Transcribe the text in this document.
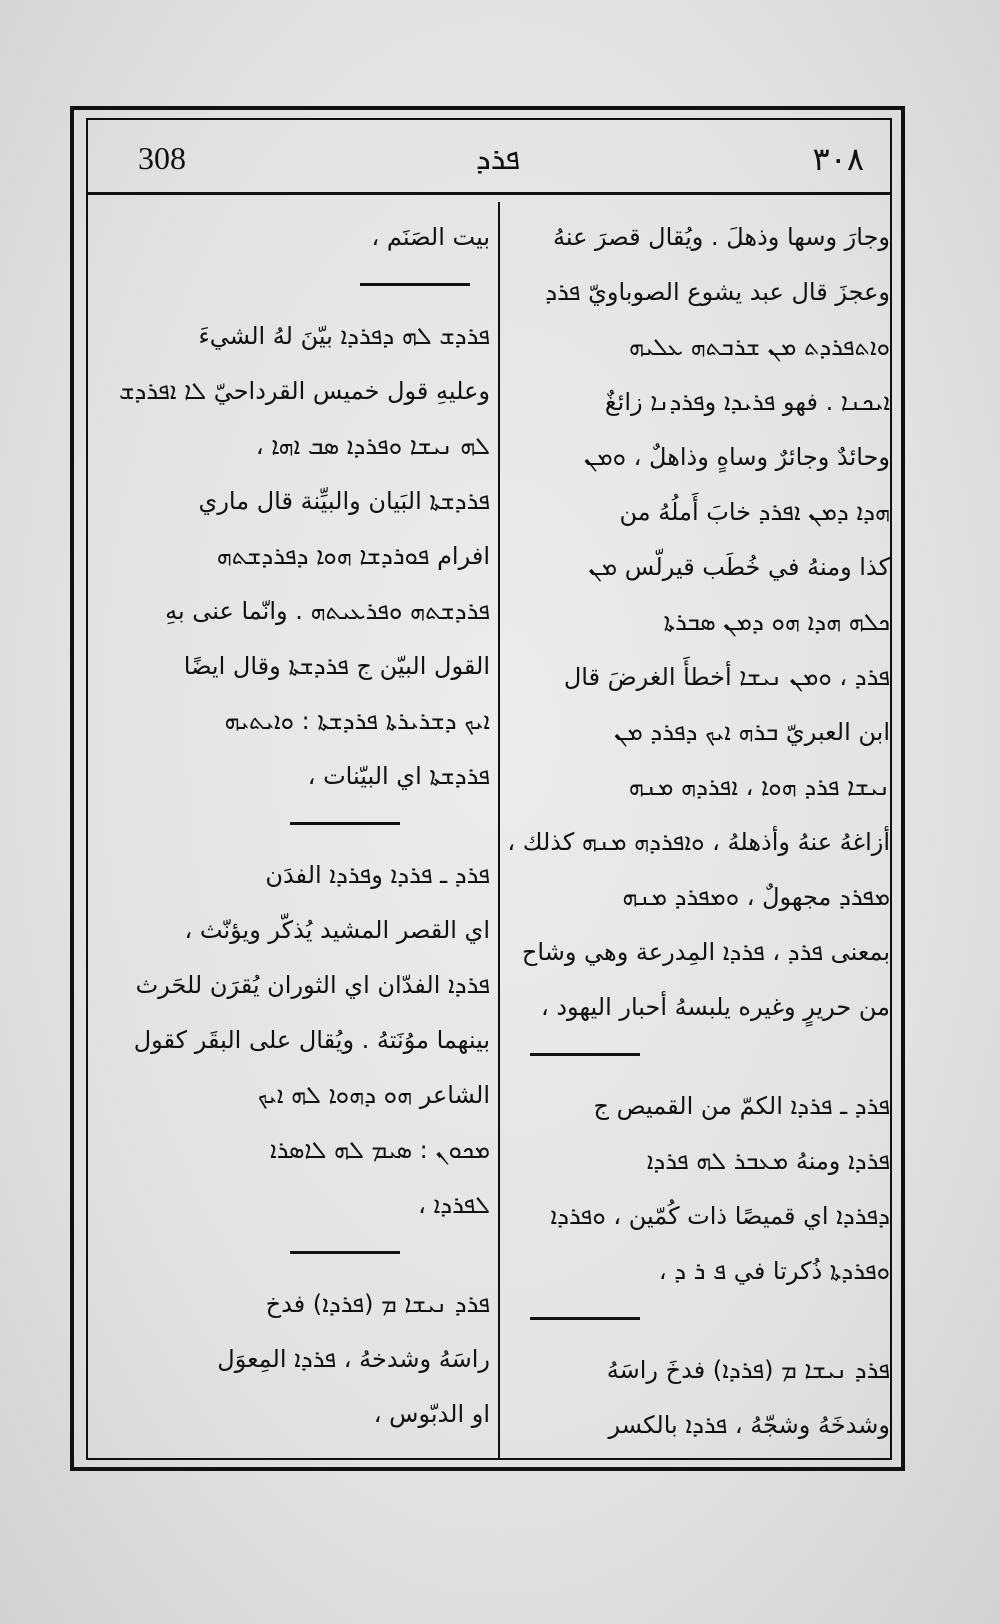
308	ܦܪܕ	٣٠٨
وجارَ وسها وذهلَ . ويُقال قصرَ عنهُ
وعجزَ قال عبد يشوع الصوباويّ ܦܪܕ
ܘܐܬܦܪܕܬ ܡܢ ܫܪܒܬܗ ܥܠܝܗ
ܐܝܟܢܐ . فهو ܦܪܝܕܐ وܦܪܕܢܐ زائغٌ
وحائدٌ وجائرٌ وساهٍ وذاهلٌ ، ܘܡܢ
ܗܕܐ ܕܡܢ ܐܦܪܕ خابَ أَملُهُ من
كذا ومنهُ في خُطَب قيرلّس ܡܢ
ܟܠܗ ܗܕܐ ܗܘ ܕܡܢ ܣܒܪܬܐ
ܦܪܕ ، ܘܡܢ ܢܝܫܐ أخطأَ الغرضَ قال
ابن العبريّ ܒܪܗ ܐܝܟ ܕܦܪܕ ܡܢ
ܢܝܫܐ ܦܪܕ ܗܘܐ ، ܐܦܪܕܗ ܡܢܗ
أزاغهُ عنهُ وأذهلهُ ، ܘܐܦܪܕܗ ܡܢܗ كذلك ،
ܡܦܪܕ مجهولٌ ، ܘܡܦܪܕ ܡܢܗ
بمعنى ܦܪܕ ، ܦܪܕܐ المِدرعة وهي وشاح
من حريرٍ وغيره يلبسهُ أحبار اليهود ،
ܦܪܕ ـ ܦܪܕܐ الكمّ من القميص ج
ܦܪܕܐ ومنهُ ܡܥܒܪ ܠܗ ܦܪܕܐ
ܕܦܪܕܐ اي قميصًا ذات كُمّين ، ܘܦܪܕܐ
ܘܦܪܕܬܐ ذُكرتا في ܦ ܪ ܕ ،
ܦܪܕ ܢܝܫܐ ܡ (ܦܪܕܐ) فدخَ راسَهُ
وشدخَهُ وشجّهُ ، ܦܪܕܐ بالكسر
بيت الصَنَم ،
ܦܪܕܫ ܠܗ ܕܦܪܕܐ بيّنَ لهُ الشيءَ
وعليهِ قول خميس القرداحيّ ܠܐ ܐܦܪܕܫ
ܠܗ ܢܝܫܐ ܘܦܪܕܐ ܣܒ ܐܗܐ ،
ܦܪܕܫܬܐ البَيان والبيِّنة قال ماري
افرام ܦܘܪܕܫܐ ܗܘܐ ܕܦܪܕܫܬܗ
ܦܪܕܫܬܗ ܘܦܪܥܝܬܗ . وانّما عنى بهِ
القول البيّن ج ܦܪܕܫܬܐ وقال ايضًا
ܐܝܟ ܕܫܪܝܪܬܐ ܦܪܕܫܬܐ : ܘܐܝܬܝܗ
ܦܪܕܫܬܐ اي البيّنات ،
ܦܪܕ ـ ܦܪܕܐ وܦܪܕܐ الفدَن
اي القصر المشيد يُذكّر ويؤنّث ،
ܦܪܕܐ الفدّان اي الثوران يُقرَن للحَرث
بينهما موُنَتهُ . ويُقال على البقَر كقول
الشاعر ܗܘ ܕܗܘܐ ܠܗ ܐܝܟ
ܡܟܘܢ : ܣܝܡ ܠܗ ܠܐܣܪܐ
ܠܦܪܕܐ ،
ܦܪܕ ܢܝܫܐ ܡ (ܦܪܕܐ) فدخ
راسَهُ وشدخهُ ، ܦܪܕܐ المِعوَل
او الدبّوس ،
